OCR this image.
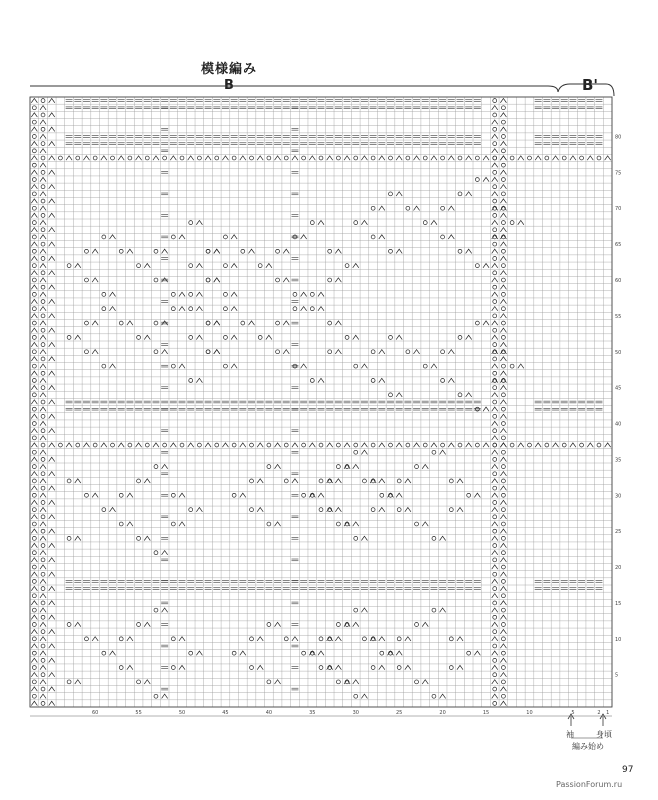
模様編み
B	B'
5
10
15
20
25
30
35
40
45
50
55
60
65
70
75
80
1
2
5
10
15
20
25
30
35
40
45
50
55
60
袖	身頃
編み始め
97
PassionForum.ru
